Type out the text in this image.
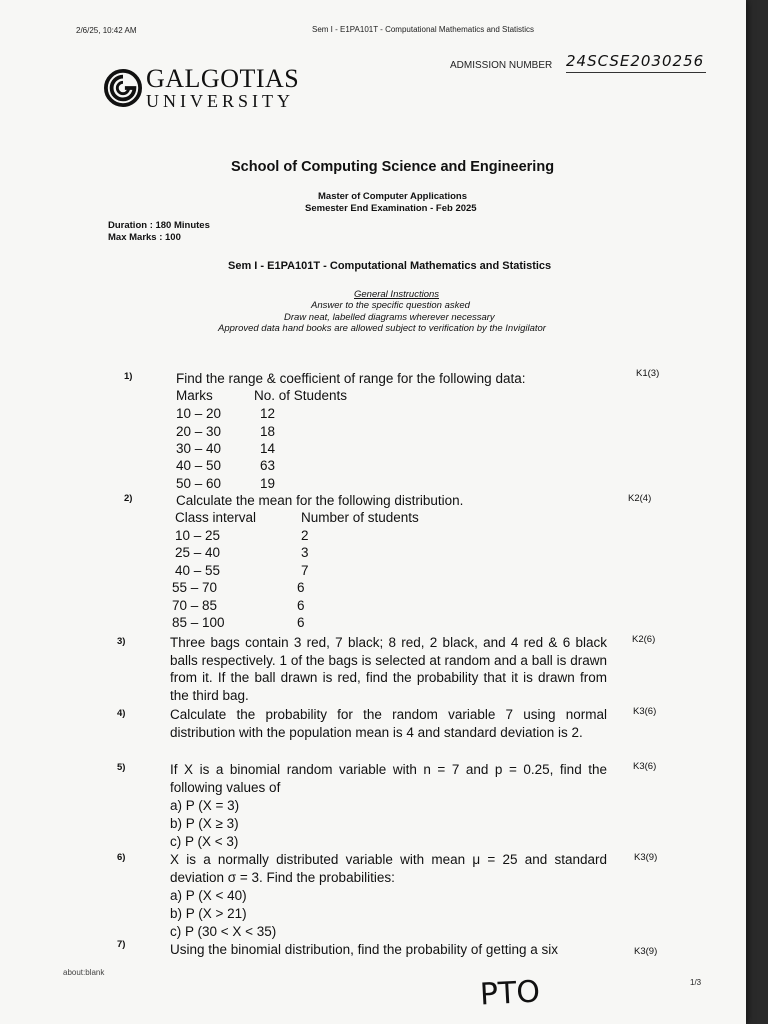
2/6/25, 10:42 AM	Sem I - E1PA101T - Computational Mathematics and Statistics
ADMISSION NUMBER 24SCSE2030256
GALGOTIAS
UNIVERSITY
School of Computing Science and Engineering
Master of Computer Applications
Semester End Examination - Feb 2025
Duration : 180 Minutes
Max Marks : 100
Sem I - E1PA101T - Computational Mathematics and Statistics
General Instructions
Answer to the specific question asked
Draw neat, labelled diagrams wherever necessary
Approved data hand books are allowed subject to verification by the Invigilator
1)	Find the range & coefficient of range for the following data:	K1(3)
Marks	No. of Students
10 – 20	12
20 – 30	18
30 – 40	14
40 – 50	63
50 – 60	19
2)	Calculate the mean for the following distribution.	K2(4)
Class interval	Number of students
10 – 25	2
25 – 40	3
40 – 55	7
55 – 70	6
70 – 85	6
85 – 100	6
3)	Three bags contain 3 red, 7 black; 8 red, 2 black, and 4 red & 6 black balls respectively. 1 of the bags is selected at random and a ball is drawn from it. If the ball drawn is red, find the probability that it is drawn from the third bag.
K2(6)
4)	Calculate the probability for the random variable 7 using normal distribution with the population mean is 4 and standard deviation is 2.
K3(6)
5)	If X is a binomial random variable with n = 7 and p = 0.25, find the following values of
K3(6)
a) P (X = 3)
b) P (X ≥ 3)
c) P (X < 3)
6)	X is a normally distributed variable with mean μ = 25 and standard deviation σ = 3. Find the probabilities:
K3(9)
a) P (X < 40)
b) P (X > 21)
c) P (30 < X < 35)
7)	Using the binomial distribution, find the probability of getting a six	K3(9)
about:blank
PTO	1/3
